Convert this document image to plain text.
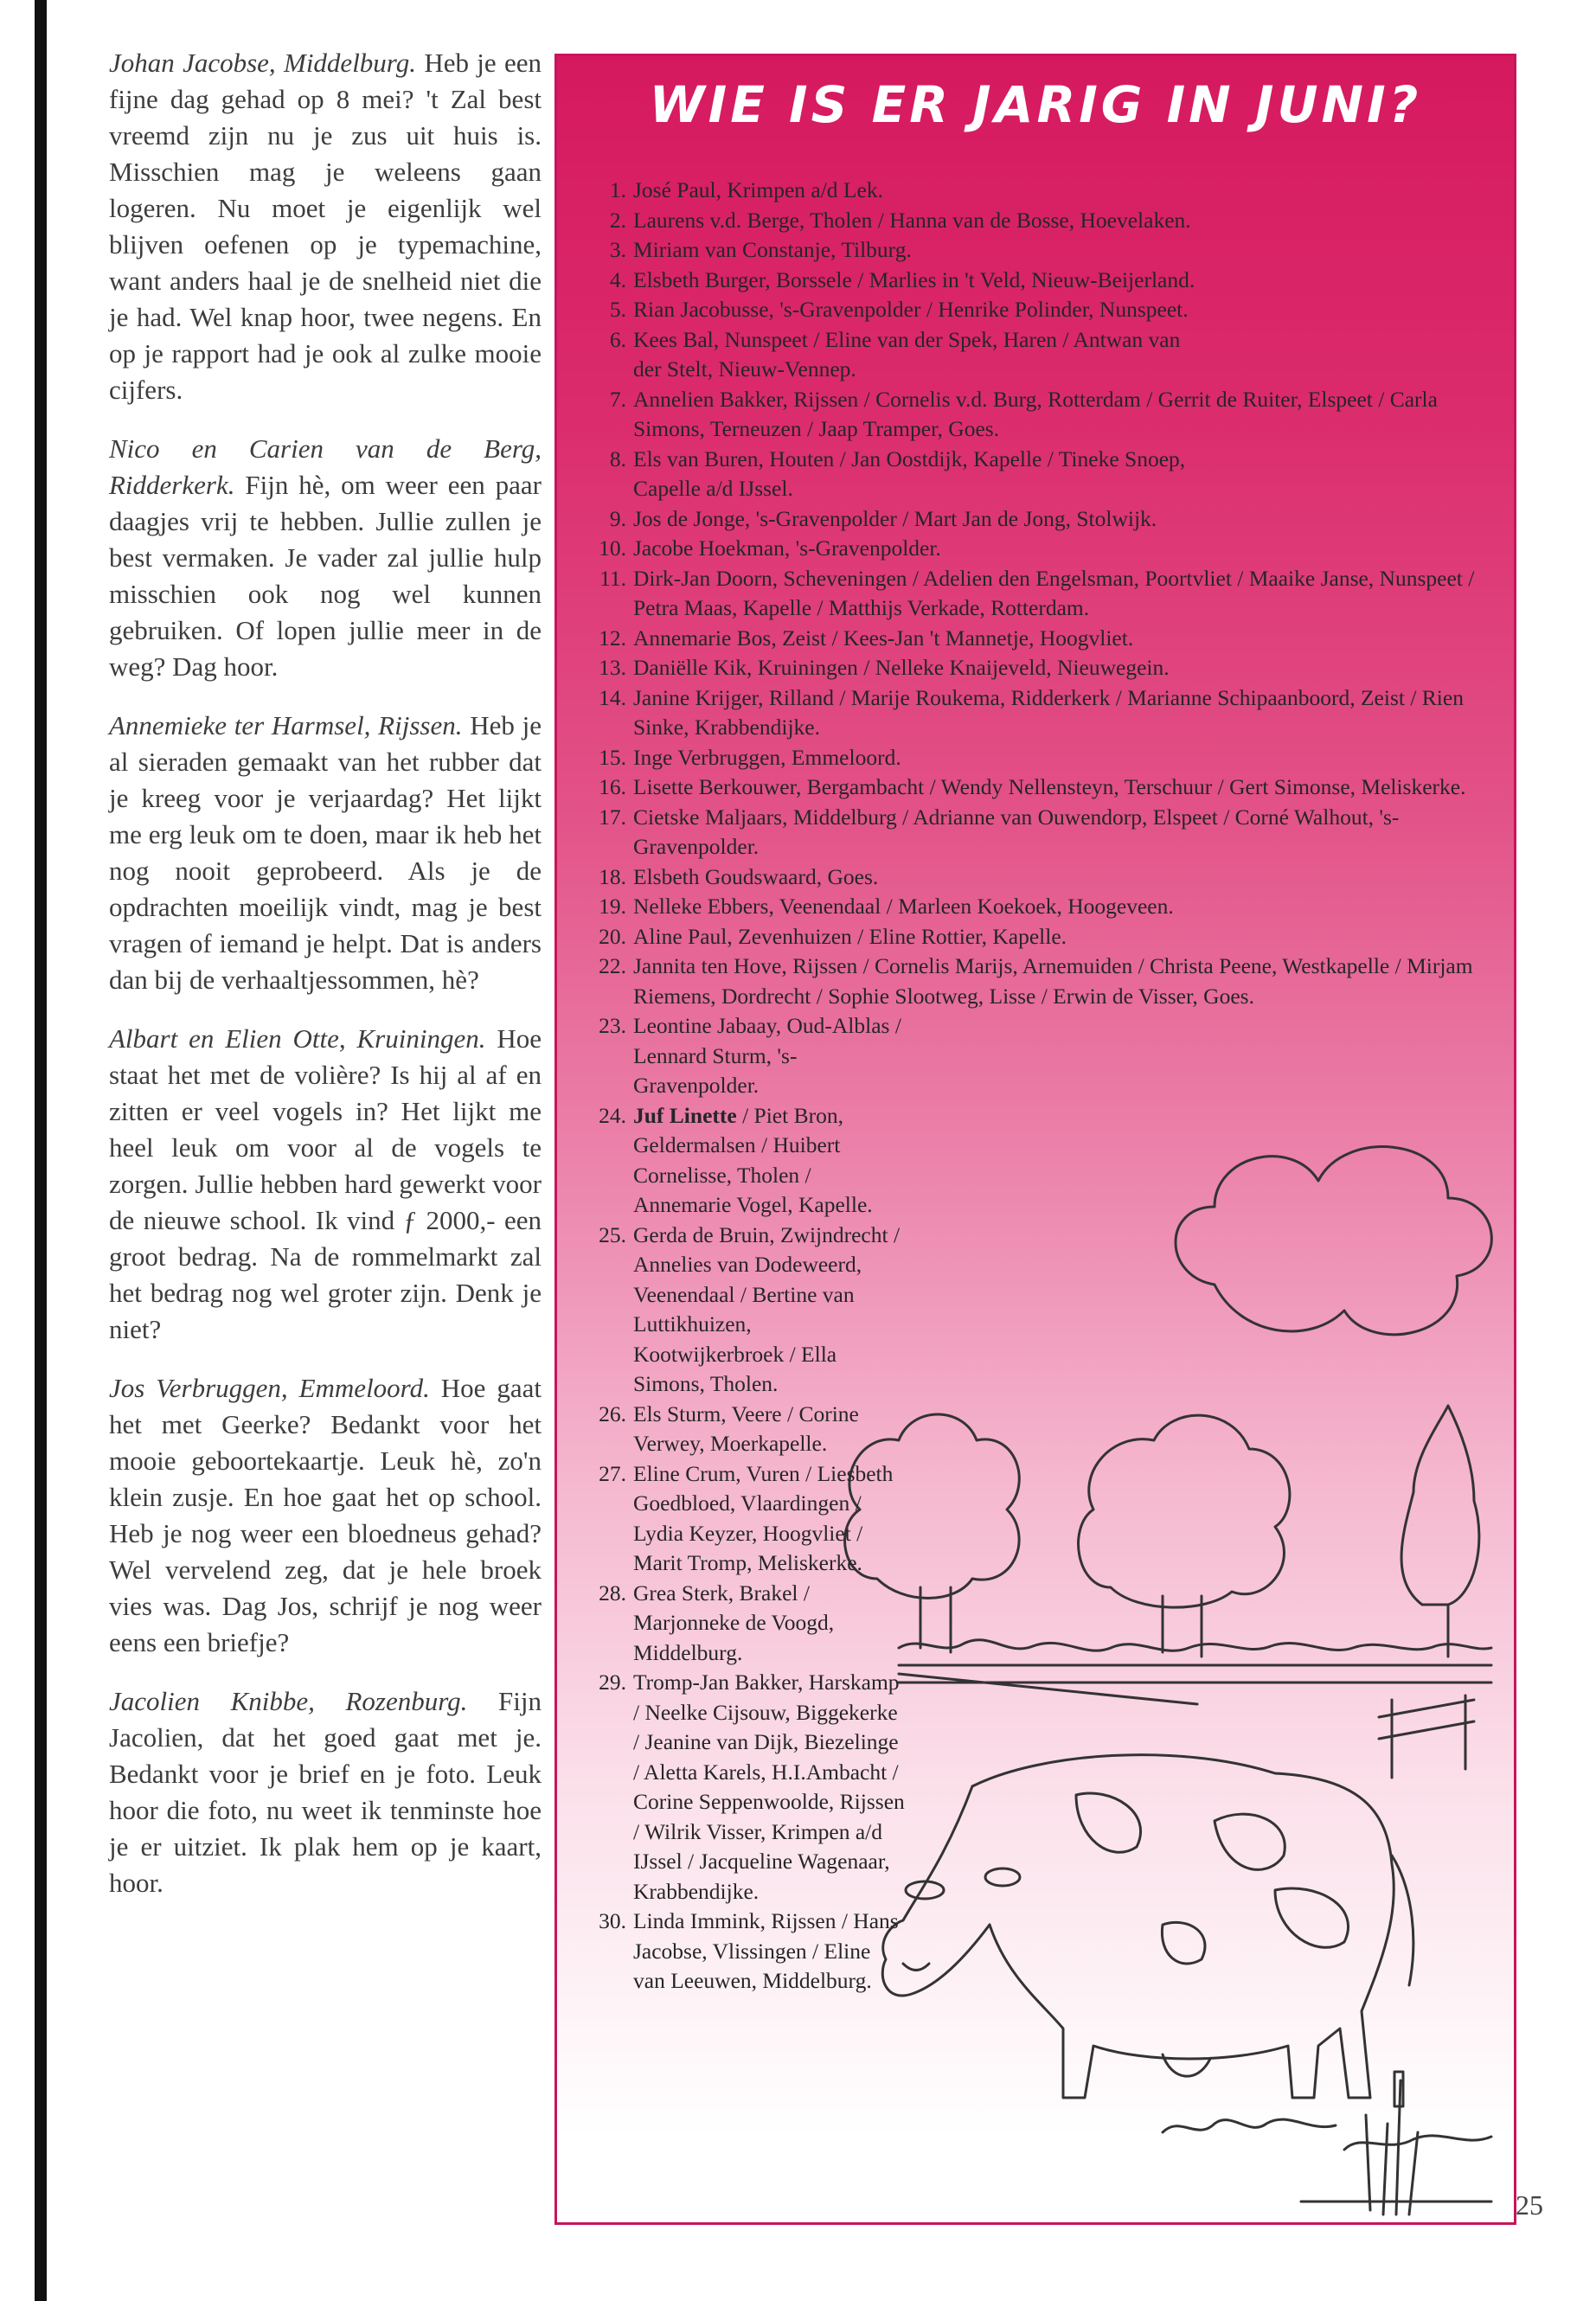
Johan Jacobse, Middelburg. Heb je een fijne dag gehad op 8 mei? 't Zal best vreemd zijn nu je zus uit huis is. Misschien mag je weleens gaan logeren. Nu moet je eigenlijk wel blijven oefenen op je typemachine, want anders haal je de snelheid niet die je had. Wel knap hoor, twee negens. En op je rapport had je ook al zulke mooie cijfers.

Nico en Carien van de Berg, Ridderkerk. Fijn hè, om weer een paar daagjes vrij te hebben. Jullie zullen je best vermaken. Je vader zal jullie hulp misschien ook nog wel kunnen gebruiken. Of lopen jullie meer in de weg? Dag hoor.

Annemieke ter Harmsel, Rijssen. Heb je al sieraden gemaakt van het rubber dat je kreeg voor je verjaardag? Het lijkt me erg leuk om te doen, maar ik heb het nog nooit geprobeerd. Als je de opdrachten moeilijk vindt, mag je best vragen of iemand je helpt. Dat is anders dan bij de verhaaltjessommen, hè?

Albart en Elien Otte, Kruiningen. Hoe staat het met de volière? Is hij al af en zitten er veel vogels in? Het lijkt me heel leuk om voor al de vogels te zorgen. Jullie hebben hard gewerkt voor de nieuwe school. Ik vind ƒ 2000,- een groot bedrag. Na de rommelmarkt zal het bedrag nog wel groter zijn. Denk je niet?

Jos Verbruggen, Emmeloord. Hoe gaat het met Geerke? Bedankt voor het mooie geboortekaartje. Leuk hè, zo'n klein zusje. En hoe gaat het op school. Heb je nog weer een bloedneus gehad? Wel vervelend zeg, dat je hele broek vies was. Dag Jos, schrijf je nog weer eens een briefje?

Jacolien Knibbe, Rozenburg. Fijn Jacolien, dat het goed gaat met je. Bedankt voor je brief en je foto. Leuk hoor die foto, nu weet ik tenminste hoe je er uitziet. Ik plak hem op je kaart, hoor.

WIE IS ER JARIG IN JUNI?
1. José Paul, Krimpen a/d Lek.
2. Laurens v.d. Berge, Tholen / Hanna van de Bosse, Hoevelaken.
3. Miriam van Constanje, Tilburg.
4. Elsbeth Burger, Borssele / Marlies in 't Veld, Nieuw-Beijerland.
5. Rian Jacobusse, 's-Gravenpolder / Henrike Polinder, Nunspeet.
6. Kees Bal, Nunspeet / Eline van der Spek, Haren / Antwan van der Stelt, Nieuw-Vennep.
7. Annelien Bakker, Rijssen / Cornelis v.d. Burg, Rotterdam / Gerrit de Ruiter, Elspeet / Carla Simons, Terneuzen / Jaap Tramper, Goes.
8. Els van Buren, Houten / Jan Oostdijk, Kapelle / Tineke Snoep, Capelle a/d IJssel.
9. Jos de Jonge, 's-Gravenpolder / Mart Jan de Jong, Stolwijk.
10. Jacobe Hoekman, 's-Gravenpolder.
11. Dirk-Jan Doorn, Scheveningen / Adelien den Engelsman, Poortvliet / Maaike Janse, Nunspeet / Petra Maas, Kapelle / Matthijs Verkade, Rotterdam.
12. Annemarie Bos, Zeist / Kees-Jan 't Mannetje, Hoogvliet.
13. Daniëlle Kik, Kruiningen / Nelleke Knaijeveld, Nieuwegein.
14. Janine Krijger, Rilland / Marije Roukema, Ridderkerk / Marianne Schipaanboord, Zeist / Rien Sinke, Krabbendijke.
15. Inge Verbruggen, Emmeloord.
16. Lisette Berkouwer, Bergambacht / Wendy Nellensteyn, Terschuur / Gert Simonse, Meliskerke.
17. Cietske Maljaars, Middelburg / Adrianne van Ouwendorp, Elspeet / Corné Walhout, 's-Gravenpolder.
18. Elsbeth Goudswaard, Goes.
19. Nelleke Ebbers, Veenendaal / Marleen Koekoek, Hoogeveen.
20. Aline Paul, Zevenhuizen / Eline Rottier, Kapelle.
22. Jannita ten Hove, Rijssen / Cornelis Marijs, Arnemuiden / Christa Peene, Westkapelle / Mirjam Riemens, Dordrecht / Sophie Slootweg, Lisse / Erwin de Visser, Goes.
23. Leontine Jabaay, Oud-Alblas / Lennard Sturm, 's-Gravenpolder.
24. Juf Linette / Piet Bron, Geldermalsen / Huibert Cornelisse, Tholen / Annemarie Vogel, Kapelle.
25. Gerda de Bruin, Zwijndrecht / Annelies van Dodeweerd, Veenendaal / Bertine van Luttikhuizen, Kootwijkerbroek / Ella Simons, Tholen.
26. Els Sturm, Veere / Corine Verwey, Moerkapelle.
27. Eline Crum, Vuren / Liesbeth Goedbloed, Vlaardingen / Lydia Keyzer, Hoogvliet / Marit Tromp, Meliskerke.
28. Grea Sterk, Brakel / Marjonneke de Voogd, Middelburg.
29. Tromp-Jan Bakker, Harskamp / Neelke Cijsouw, Biggekerke / Jeanine van Dijk, Biezelinge / Aletta Karels, H.I.Ambacht / Corine Seppenwoolde, Rijssen / Wilrik Visser, Krimpen a/d IJssel / Jacqueline Wagenaar, Krabbendijke.
30. Linda Immink, Rijssen / Hans Jacobse, Vlissingen / Eline van Leeuwen, Middelburg.
25
